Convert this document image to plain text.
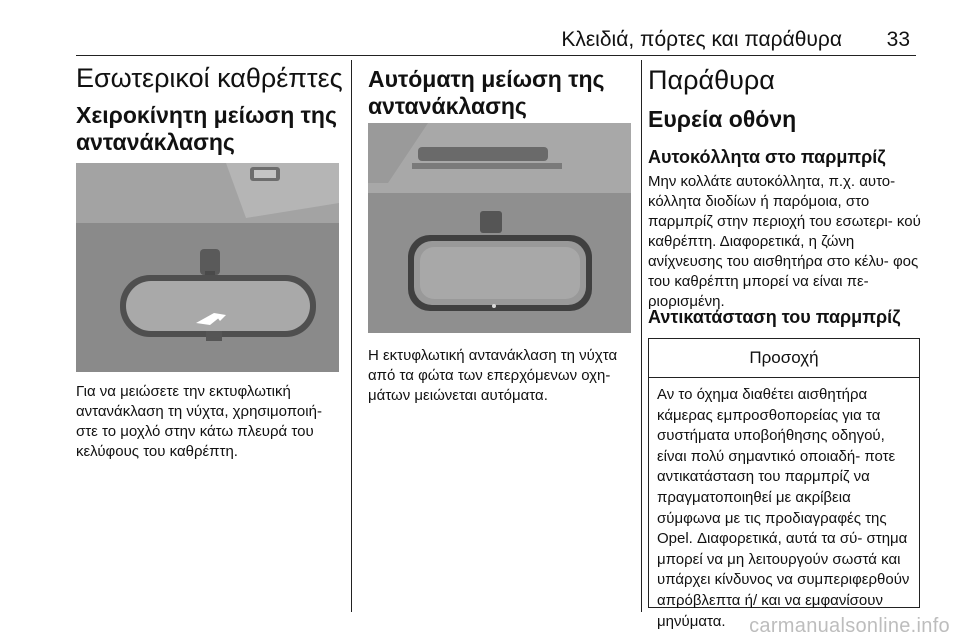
Κλειδιά, πόρτες και παράθυρα 33
Εσωτερικοί καθρέπτες
Χειροκίνητη μείωση της αντανάκλασης

Για να μειώσετε την εκτυφλωτική αντανάκλαση τη νύχτα, χρησιμοποιή- στε το μοχλό στην κάτω πλευρά του κελύφους του καθρέπτη.

Αυτόματη μείωση της αντανάκλασης

Η εκτυφλωτική αντανάκλαση τη νύχτα από τα φώτα των επερχόμενων οχη- μάτων μειώνεται αυτόματα.

Παράθυρα
Ευρεία οθόνη
Αυτοκόλλητα στο παρμπρίζ

Μην κολλάτε αυτοκόλλητα, π.χ. αυτο- κόλλητα διοδίων ή παρόμοια, στο παρμπρίζ στην περιοχή του εσωτερι- κού καθρέπτη. Διαφορετικά, η ζώνη ανίχνευσης του αισθητήρα στο κέλυ- φος του καθρέπτη μπορεί να είναι πε- ριορισμένη.

Αντικατάσταση του παρμπρίζ
Προσοχή
Αν το όχημα διαθέτει αισθητήρα κάμερας εμπροσθοπορείας για τα συστήματα υποβοήθησης οδηγού, είναι πολύ σημαντικό οποιαδή- ποτε αντικατάσταση του παρμπρίζ να πραγματοποιηθεί με ακρίβεια σύμφωνα με τις προδιαγραφές της Opel. Διαφορετικά, αυτά τα σύ- στημα μπορεί να μη λειτουργούν σωστά και υπάρχει κίνδυνος να συμπεριφερθούν απρόβλεπτα ή/ και να εμφανίσουν μηνύματα.	carmanualsonline.info
